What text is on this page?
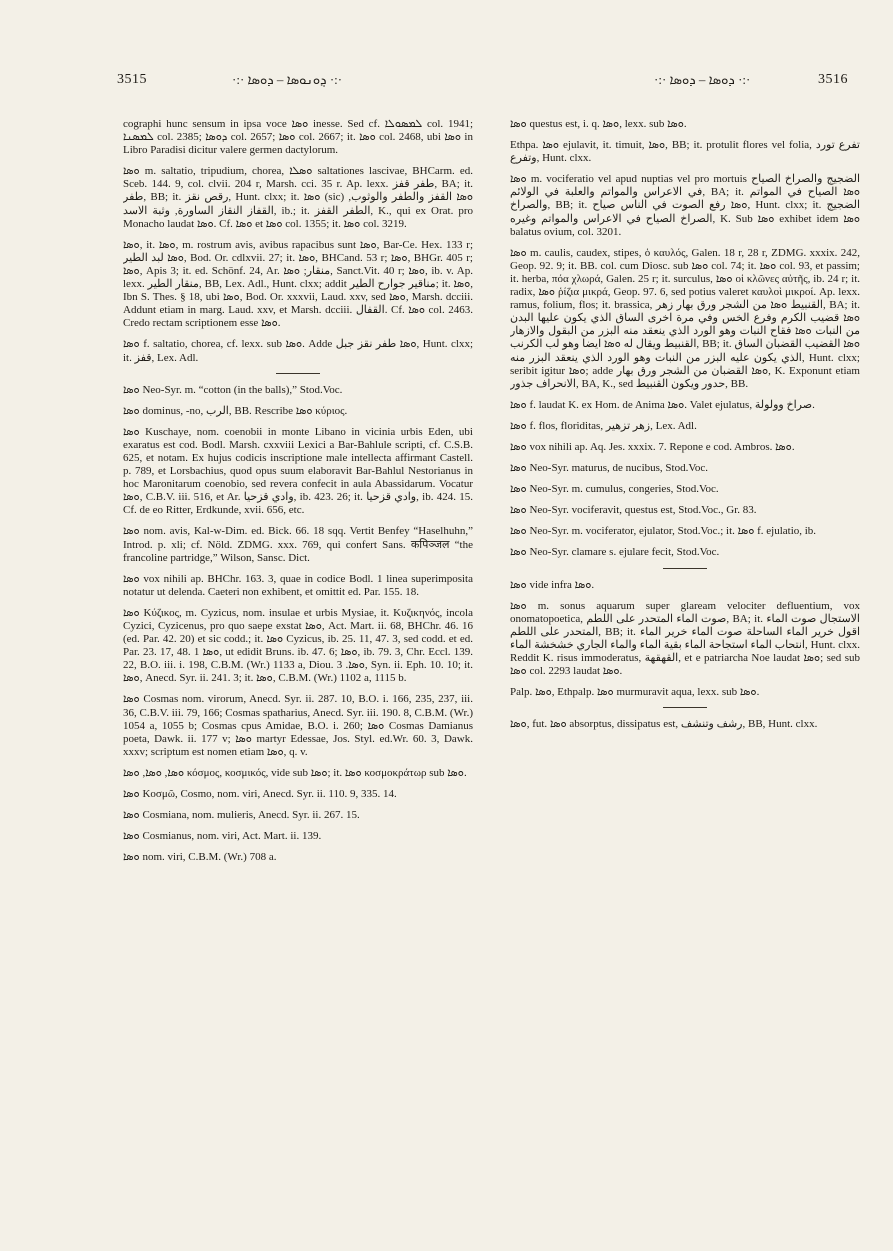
3515	·:· ܯܘܢܘܣܐ – ܕܘܣܐ ·:·	·:· ܕܘܣܐ – ܕܘܣܐ ·:·	3516

cographi hunc sensum in ipsa voce ܘܣܐ inesse. Sed cf. ܠܡܣܘܠܐ col. 1941; ܠܡܣܢܐ col. 2385; ܕܘܣܐ col. 2657; ܘܣܐ col. 2667; it. ܘܣܐ col. 2468, ubi ܘܣܐ in Libro Paradisi dicitur valere germen dactylorum.

ܘܣܐ m. saltatio, tripudium, chorea, ܘܣܠܐ saltationes lascivae, BHCarm. ed. Sceb. 144. 9, col. clvii. 204 r, Marsh. cci. 35 r. Ap. lexx. طفر قفز, BA; it. طفر, BB; it. رقص نقز, Hunt. clxx; it. ܘܣܐ (sic) ܘܣܐ القفز والطفر والوثوب, القفاز النقاز الساورة, وثبة الاسد, ib.; it. الطفر القفز, K., qui ex Orat. pro Monacho laudat ܘܣܐ. Cf. ܘܣܐ et ܘܣܐ col. 1355; it. ܘܣܐ col. 3219.

ܘܣܐ, it. ܘܣܐ, m. rostrum avis, avibus rapacibus sunt ܘܣܐ, Bar-Ce. Hex. 133 r; ܘܣܐ لبد الطير, Bod. Or. cdlxvii. 27; it. ܘܣܐ, BHCand. 53 r; ܘܣܐ, BHGr. 405 r; ܘܣܐ, Apis 3; it. ed. Schönf. 24, Ar. منقار; ܘܣܐ, Sanct.Vit. 40 r; ܘܣܐ, ib. v. Ap. lexx. منقار الطير, BB, Lex. Adl., Hunt. clxx; addit مناقير جوارح الطير; it. ܘܣܐ, Ibn S. Thes. § 18, ubi ܘܣܐ, Bod. Or. xxxvii, Laud. xxv, sed ܘܣܐ, Marsh. dcciii. Addunt etiam in marg. Laud. xxv, et Marsh. dcciii. القفال. Cf. ܘܣܐ col. 2463. Credo rectam scriptionem esse ܘܣܐ.

ܘܣܐ f. saltatio, chorea, cf. lexx. sub ܘܣܐ. Adde ܘܣܐ طفر نقز جبل, Hunt. clxx; it. قفز, Lex. Adl.

ܘܣܐ Neo-Syr. m. “cotton (in the balls),” Stod.Voc.

ܘܣܐ dominus, -no, الرب, BB. Rescribe ܘܣܐ κύριος.

ܘܣܐ Kuschaye, nom. coenobii in monte Libano in vicinia urbis Eden, ubi exaratus est cod. Bodl. Marsh. cxxviii Lexici a Bar-Bahlule scripti, cf. C.S.B. 625, et notam. Ex hujus codicis inscriptione male intellecta affirmant Castell. p. 789, et Lorsbachius, quod opus suum elaboravit Bar-Bahlul Nestorianus in hoc Maronitarum coenobio, sed revera confecit in aula Abassidarum. Vocatur ܘܣܐ, C.B.V. iii. 516, et Ar. وادي قزحيا, ib. 423. 26; it. وادي قزحيا, ib. 424. 15. Cf. de eo Ritter, Erdkunde, xvii. 656, etc.

ܘܣܐ nom. avis, Kal-w-Dim. ed. Bick. 66. 18 sqq. Vertit Benfey “Haselhuhn,” Introd. p. xli; cf. Nöld. ZDMG. xxx. 769, qui confert Sans. कपिञ्जल “the francoline partridge,” Wilson, Sansc. Dict.

ܘܣܐ vox nihili ap. BHChr. 163. 3, quae in codice Bodl. 1 linea superimposita notatur ut delenda. Caeteri non exhibent, et omittit ed. Par. 155. 18.

ܘܣܐ Κύζικος, m. Cyzicus, nom. insulae et urbis Mysiae, it. Κυζικηνός, incola Cyzici, Cyzicenus, pro quo saepe exstat ܘܣܐ, Act. Mart. ii. 68, BHChr. 46. 16 (ed. Par. 42. 20) et sic codd.; it. ܘܣܐ Cyzicus, ib. 25. 11, 47. 3, sed codd. et ed. Par. 23. 17, 48. 1 ܘܣܐ, ut edidit Bruns. ib. 47. 6; ܘܣܐ, ib. 79. 3, Chr. Eccl. 139. 22, B.O. iii. i. 198, C.B.M. (Wr.) 1133 a, Diou. ܘܣܐ. 3, Syn. ii. Eph. 10. 10; it. ܘܣܐ, Anecd. Syr. ii. 241. 3; it. ܘܣܐ, C.B.M. (Wr.) 1102 a, 1115 b.

ܘܣܐ Cosmas nom. virorum, Anecd. Syr. ii. 287. 10, B.O. i. 166, 235, 237, iii. 36, C.B.V. iii. 79, 166; Cosmas spatharius, Anecd. Syr. iii. 190. 8, C.B.M. (Wr.) 1054 a, 1055 b; Cosmas cpus Amidae, B.O. i. 260; ܘܣܐ Cosmas Damianus poeta, Dawk. ii. 177 v; ܘܣܐ martyr Edessae, Jos. Styl. ed.Wr. 60. 3, Dawk. xxxv; scriptum est nomen etiam ܘܣܐ, q. v.

ܘܣܐ, ܘܣܐ, ܘܣܐ κόσμος, κοσμικός, vide sub ܘܣܐ; it. ܘܣܐ κοσμοκράτωρ sub ܘܣܐ.

ܘܣܐ Κοσμῶ, Cosmo, nom. viri, Anecd. Syr. ii. 110. 9, 335. 14.

ܘܣܐ Cosmiana, nom. mulieris, Anecd. Syr. ii. 267. 15.

ܘܣܐ Cosmianus, nom. viri, Act. Mart. ii. 139.

ܘܣܐ nom. viri, C.B.M. (Wr.) 708 a.

ܘܣܐ questus est, i. q. ܘܣܐ, lexx. sub ܘܣܐ.

Ethpa. ܘܣܐ ejulavit, it. timuit, ܘܣܐ, BB; it. protulit flores vel folia, تفرع تورد وتفرع, Hunt. clxx.

ܘܣܐ m. vociferatio vel apud nuptias vel pro mortuis الضجيج والصراخ الصياح في الاعراس والمواتم والعلبة في الولائم, BA; it. ܘܣܐ الصياح في المواتم والصراخ, BB; it. ܘܣܐ رفع الصوت في الناس صياح, Hunt. clxx; it. الضجيج الصراخ الصياح في الاعراس والمواتم وغيره, K. Sub ܘܣܐ exhibet idem ܘܣܐ balatus ovium, col. 3201.

ܘܣܐ m. caulis, caudex, stipes, ὁ καυλός, Galen. 18 r, 28 r, ZDMG. xxxix. 242, Geop. 92. 9; it. BB. col. cum Diosc. sub ܘܣܐ col. 74; it. ܘܣܐ col. 93, et passim; it. herba, πόα χλωρά, Galen. 25 r; it. surculus, ܘܣܐ οἱ κλῶνες αὐτῆς, ib. 24 r; it. radix, ܘܣܐ ῥίζια μικρά, Geop. 97. 6, sed potius valeret καυλοὶ μικροί. Ap. lexx. ramus, folium, flos; it. brassica, القنبيط ܘܣܐ من الشجر ورق بهار زهر, BA; it. ܘܣܐ قضيب الكرم وفرع الخس وفي مرة اخرى الساق الذي يكون عليها البدن من النبات ܘܣܐ فقاح النبات وهو الورد الذي ينعقد منه البزر من البقول والازهار القنبيط ويقال له ܘܣܐ ايضا وهو لب الكرنب, BB; it. ܘܣܐ القضيب القضبان الساق الذي يكون عليه البزر من النبات وهو الورد الذي ينعقد البزر منه, Hunt. clxx; seribit igitur ܘܣܐ; adde ܘܣܐ القضبان من الشجر ورق بهار, K. Exponunt etiam الانحراف جذور, BA, K., sed حدور ويكون القنبيط, BB.

ܘܣܐ f. laudat K. ex Hom. de Anima ܘܣܐ. Valet ejulatus, صراخ وولولة.

ܘܣܐ f. flos, floriditas, زهر تزهير, Lex. Adl.

ܘܣܐ vox nihili ap. Aq. Jes. xxxix. 7. Repone e cod. Ambros. ܘܣܐ.

ܘܣܐ Neo-Syr. maturus, de nucibus, Stod.Voc.

ܘܣܐ Neo-Syr. m. cumulus, congeries, Stod.Voc.

ܘܣܐ Neo-Syr. vociferavit, questus est, Stod.Voc., Gr. 83.

ܘܣܐ Neo-Syr. m. vociferator, ejulator, Stod.Voc.; it. ܘܣܐ f. ejulatio, ib.

ܘܣܐ Neo-Syr. clamare s. ejulare fecit, Stod.Voc.

ܘܣܐ vide infra ܘܣܐ.

ܘܣܐ m. sonus aquarum super glaream velociter defluentium, vox onomatopoetica, صوت الماء المتحدر على اللطم, BA; it. الاستجال صوت الماء المتحدر على اللطم, BB; it. اقول خرير الماء الساحلة صوت الماء خرير الماء انتحاب الماء استجاحة الماء بقية الماء والماء الجاري خشخشة الماء, Hunt. clxx. Reddit K. risus immoderatus, القهقهة, et e patriarcha Noe laudat ܘܣܐ; sed sub ܘܣܐ col. 2293 laudat ܘܣܐ.

Palp. ܘܣܐ, Ethpalp. ܘܣܐ murmuravit aqua, lexx. sub ܘܣܐ.

ܘܣܐ, fut. ܘܣܐ absorptus, dissipatus est, رشف وتنشف, BB, Hunt. clxx.
